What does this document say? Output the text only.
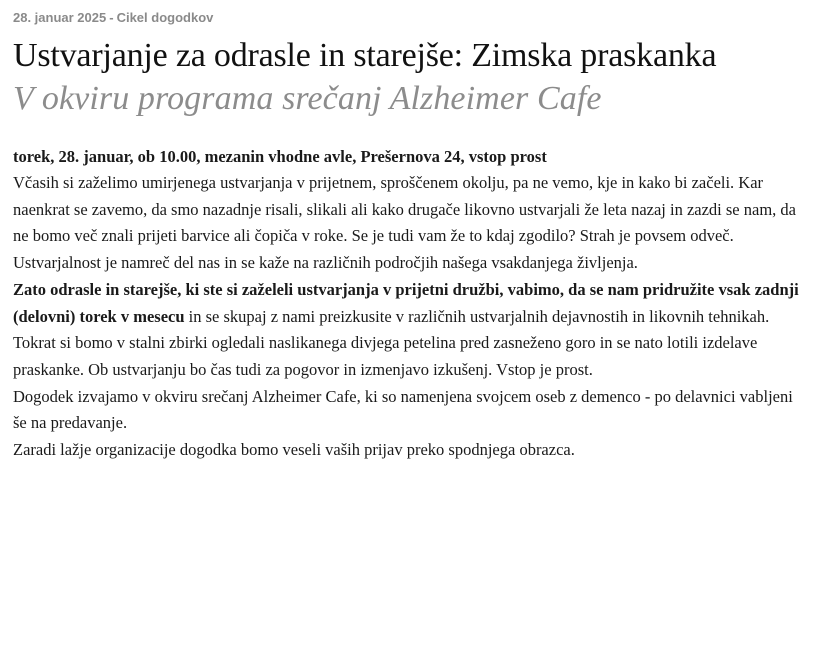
28. januar 2025 - Cikel dogodkov
Ustvarjanje za odrasle in starejše: Zimska praskanka
V okviru programa srečanj Alzheimer Cafe
torek, 28. januar, ob 10.00, mezanin vhodne avle, Prešernova 24, vstop prost

Včasih si zaželimo umirjenega ustvarjanja v prijetnem, sproščenem okolju, pa ne vemo, kje in kako bi začeli. Kar naenkrat se zavemo, da smo nazadnje risali, slikali ali kako drugače likovno ustvarjali že leta nazaj in zazdi se nam, da ne bomo več znali prijeti barvice ali čopiča v roke. Se je tudi vam že to kdaj zgodilo? Strah je povsem odveč. Ustvarjalnost je namreč del nas in se kaže na različnih področjih našega vsakdanjega življenja.

Zato odrasle in starejše, ki ste si zaželeli ustvarjanja v prijetni družbi, vabimo, da se nam pridružite vsak zadnji (delovni) torek v mesecu in se skupaj z nami preizkusite v različnih ustvarjalnih dejavnostih in likovnih tehnikah.

Tokrat si bomo v stalni zbirki ogledali naslikanega divjega petelina pred zasneženo goro in se nato lotili izdelave praskanke. Ob ustvarjanju bo čas tudi za pogovor in izmenjavo izkušenj. Vstop je prost.

Dogodek izvajamo v okviru srečanj Alzheimer Cafe, ki so namenjena svojcem oseb z demenco - po delavnici vabljeni še na predavanje.

Zaradi lažje organizacije dogodka bomo veseli vaših prijav preko spodnjega obrazca.
